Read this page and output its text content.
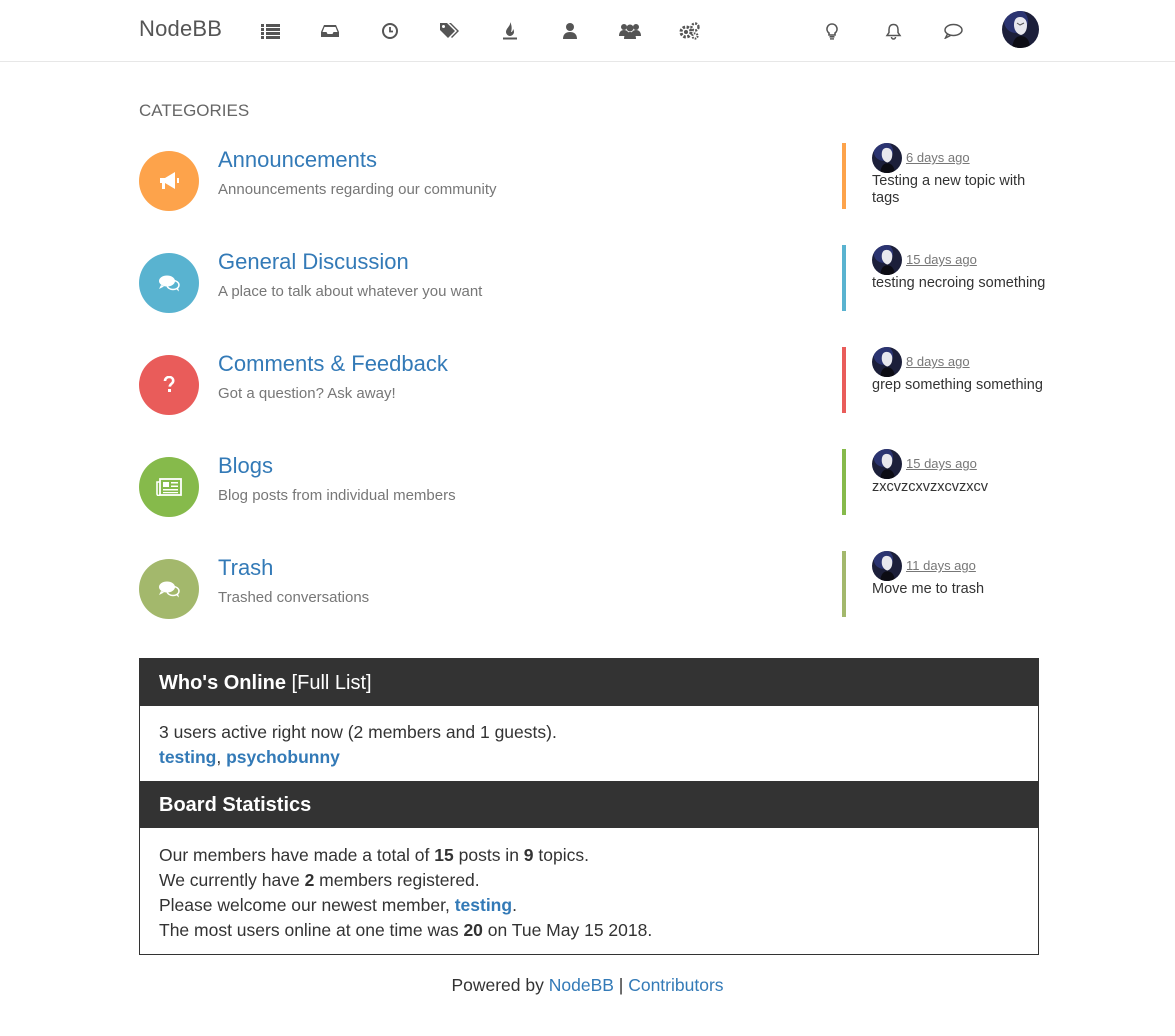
NodeBB
CATEGORIES
Announcements
Announcements regarding our community
6 days ago
Testing a new topic with tags
General Discussion
A place to talk about whatever you want
15 days ago
testing necroing something
Comments & Feedback
Got a question? Ask away!
8 days ago
grep something something
Blogs
Blog posts from individual members
15 days ago
zxcvzcxvzxcvzxcv
Trash
Trashed conversations
11 days ago
Move me to trash
Who's Online [Full List]
3 users active right now (2 members and 1 guests).
testing, psychobunny
Board Statistics
Our members have made a total of 15 posts in 9 topics.
We currently have 2 members registered.
Please welcome our newest member, testing.
The most users online at one time was 20 on Tue May 15 2018.
Powered by NodeBB | Contributors
